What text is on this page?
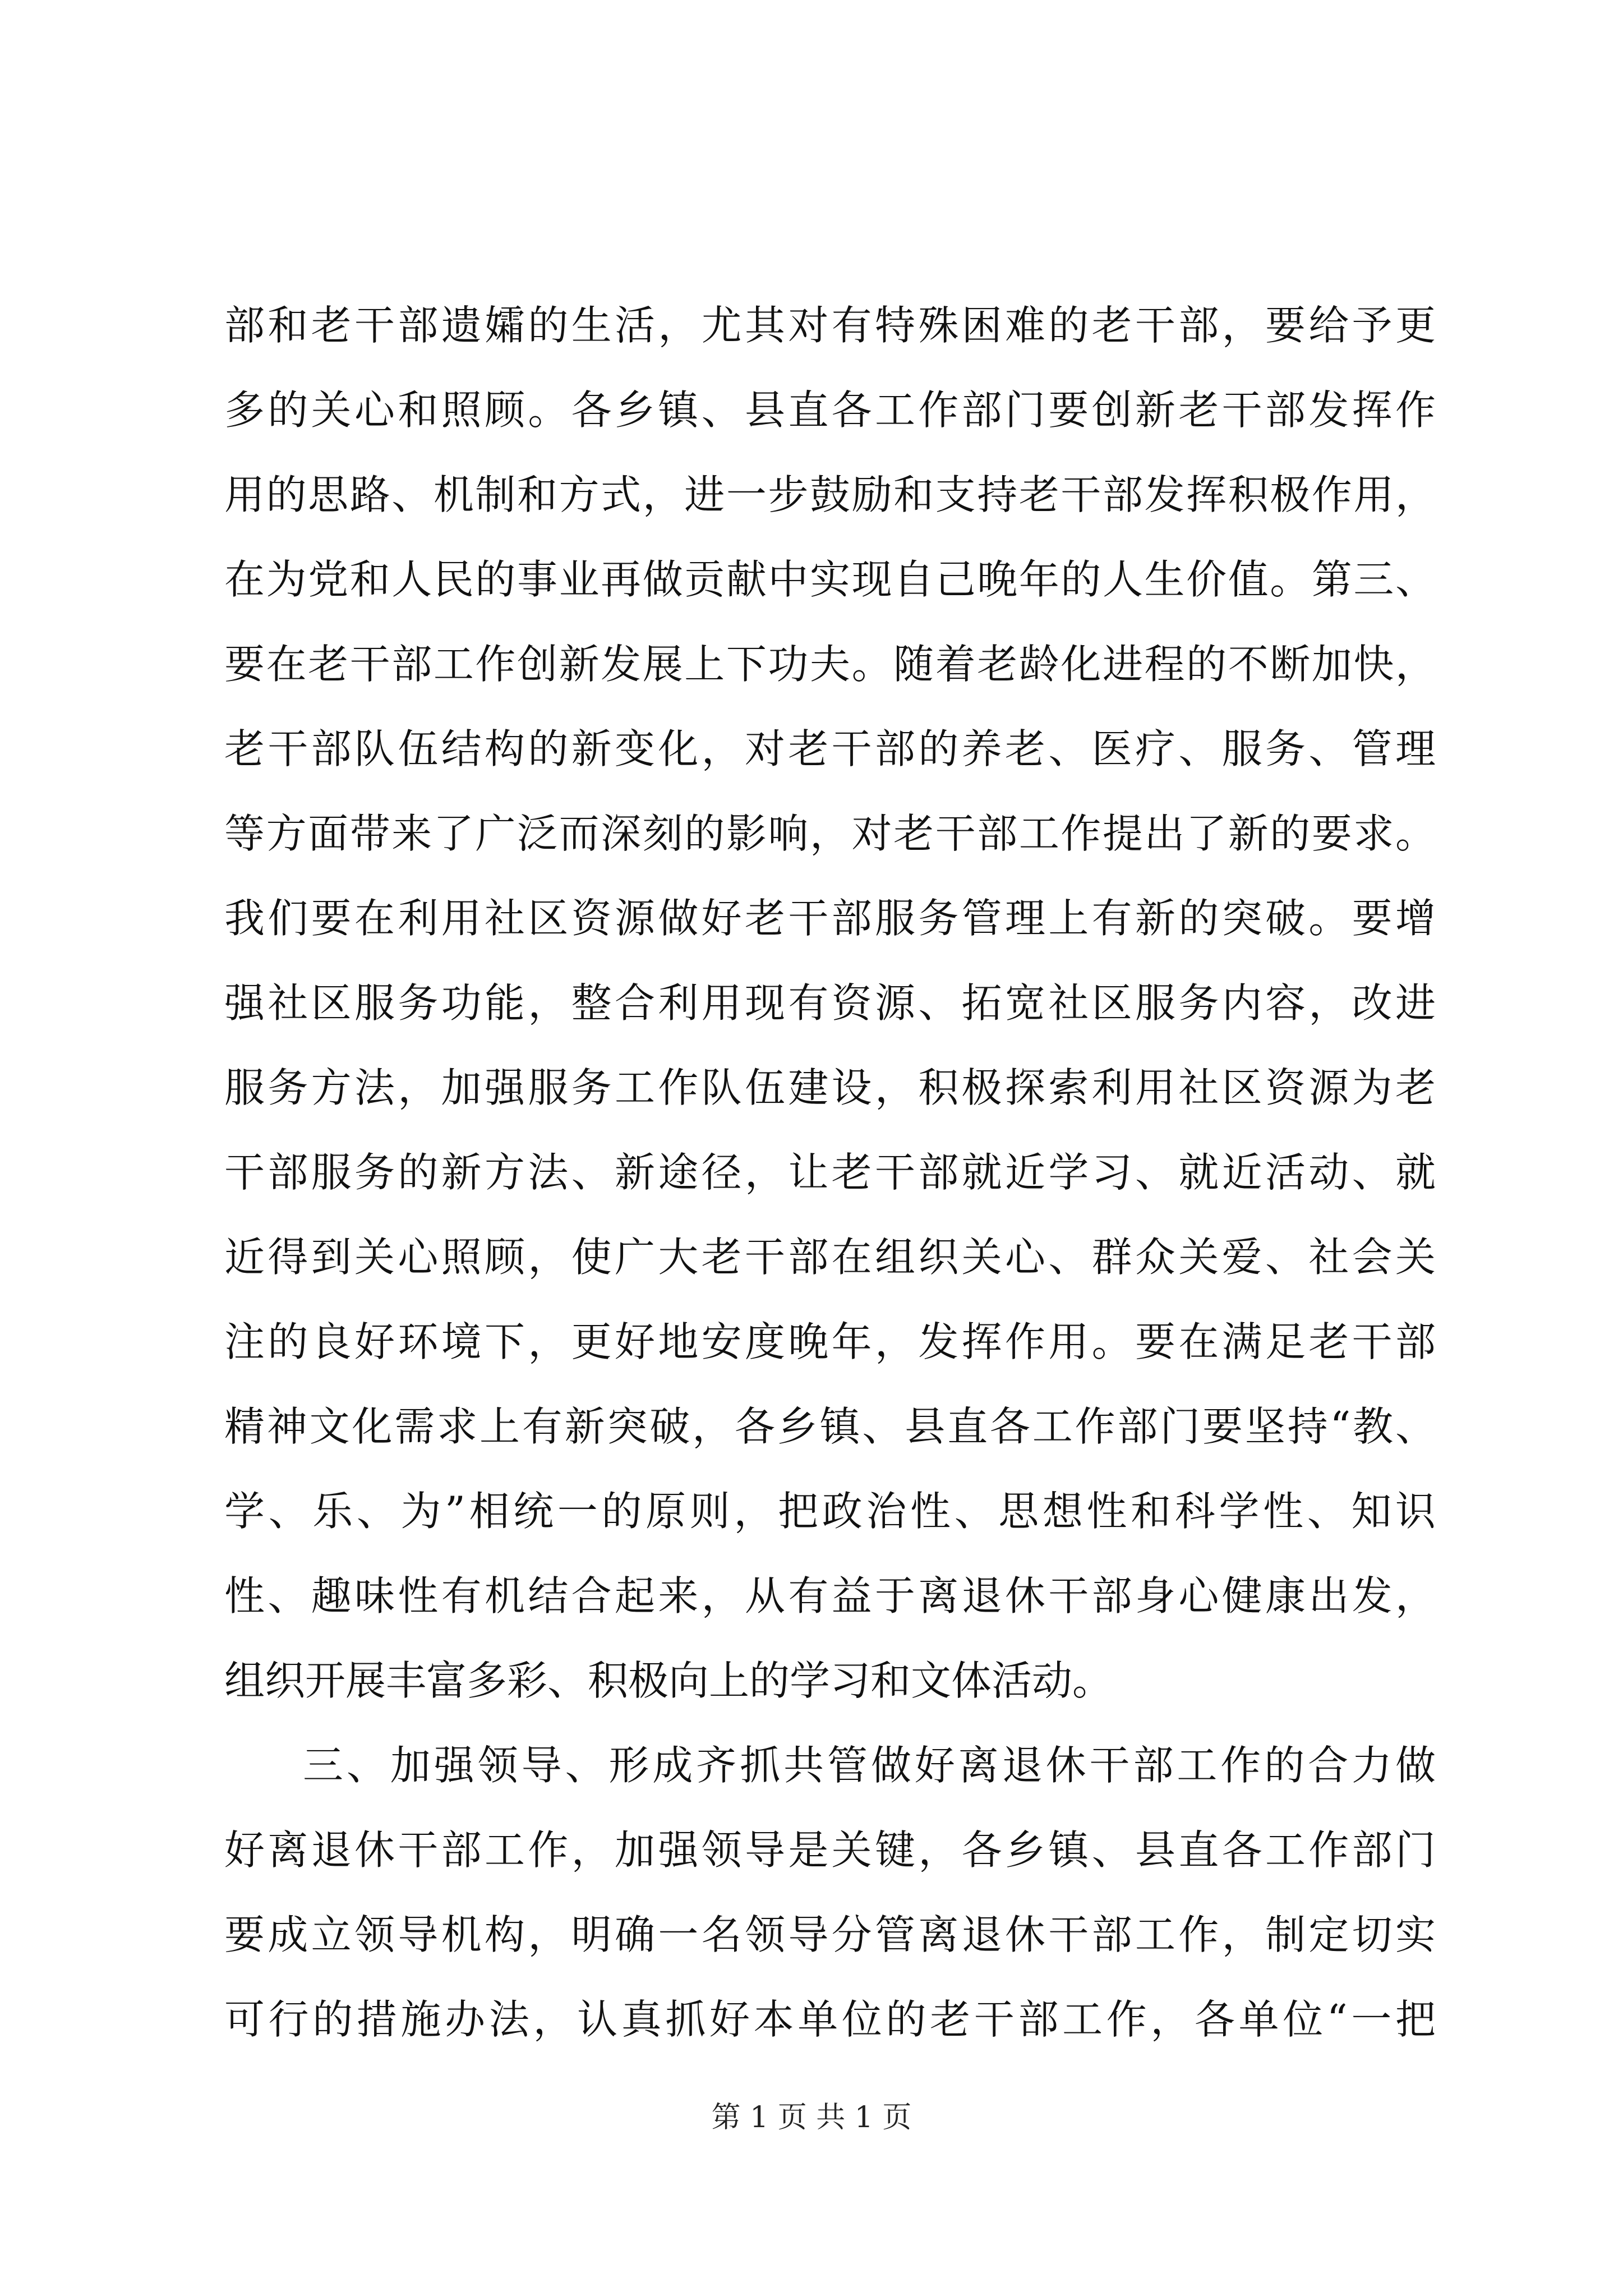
部和老干部遗孀的生活，尤其对有特殊困难的老干部，要给予更
多的关心和照顾。各乡镇、县直各工作部门要创新老干部发挥作
用的思路、机制和方式，进一步鼓励和支持老干部发挥积极作用，
在为党和人民的事业再做贡献中实现自己晚年的人生价值。第三、
要在老干部工作创新发展上下功夫。随着老龄化进程的不断加快，
老干部队伍结构的新变化，对老干部的养老、医疗、服务、管理
等方面带来了广泛而深刻的影响，对老干部工作提出了新的要求。
我们要在利用社区资源做好老干部服务管理上有新的突破。要增
强社区服务功能，整合利用现有资源、拓宽社区服务内容，改进
服务方法，加强服务工作队伍建设，积极探索利用社区资源为老
干部服务的新方法、新途径，让老干部就近学习、就近活动、就
近得到关心照顾，使广大老干部在组织关心、群众关爱、社会关
注的良好环境下，更好地安度晚年，发挥作用。要在满足老干部
精神文化需求上有新突破，各乡镇、县直各工作部门要坚持“教、
学、乐、为”相统一的原则，把政治性、思想性和科学性、知识
性、趣味性有机结合起来，从有益于离退休干部身心健康出发，
组织开展丰富多彩、积极向上的学习和文体活动。
三、加强领导、形成齐抓共管做好离退休干部工作的合力做
好离退休干部工作，加强领导是关键，各乡镇、县直各工作部门
要成立领导机构，明确一名领导分管离退休干部工作，制定切实
可行的措施办法，认真抓好本单位的老干部工作，各单位“一把
第 1 页 共 1 页
